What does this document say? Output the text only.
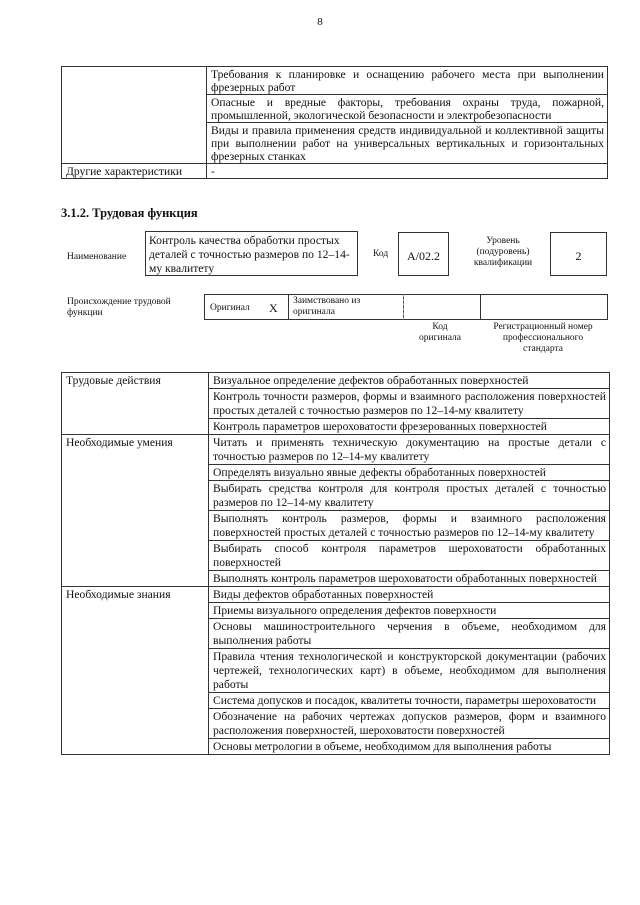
8
	Требования к планировке и оснащению рабочего места при выполнении фрезерных работ
	Опасные и вредные факторы, требования охраны труда, пожарной, промышленной, экологической безопасности и электробезопасности
	Виды и правила применения средств индивидуальной и коллективной защиты при выполнении работ на универсальных вертикальных и горизонтальных фрезерных станках
Другие характеристики	-
3.1.2. Трудовая функция
Наименование
Контроль качества обработки простых деталей с точностью размеров по 12–14-му квалитету
Код	А/02.2
Уровень (подуровень) квалификации	2
Происхождение трудовой функции	Оригинал X Заимствовано из оригинала
Код оригинала
Регистрационный номер профессионального стандарта
Трудовые действия	Визуальное определение дефектов обработанных поверхностей
	Контроль точности размеров, формы и взаимного расположения поверхностей простых деталей с точностью размеров по 12–14-му квалитету
	Контроль параметров шероховатости фрезерованных поверхностей
Необходимые умения	Читать и применять техническую документацию на простые детали с точностью размеров по 12–14-му квалитету
	Определять визуально явные дефекты обработанных поверхностей
	Выбирать средства контроля для контроля простых деталей с точностью размеров по 12–14-му квалитету
	Выполнять контроль размеров, формы и взаимного расположения поверхностей простых деталей с точностью размеров по 12–14-му квалитету
	Выбирать способ контроля параметров шероховатости обработанных поверхностей
	Выполнять контроль параметров шероховатости обработанных поверхностей
Необходимые знания	Виды дефектов обработанных поверхностей
	Приемы визуального определения дефектов поверхности
	Основы машиностроительного черчения в объеме, необходимом для выполнения работы
	Правила чтения технологической и конструкторской документации (рабочих чертежей, технологических карт) в объеме, необходимом для выполнения работы
	Система допусков и посадок, квалитеты точности, параметры шероховатости
	Обозначение на рабочих чертежах допусков размеров, форм и взаимного расположения поверхностей, шероховатости поверхностей
	Основы метрологии в объеме, необходимом для выполнения работы
